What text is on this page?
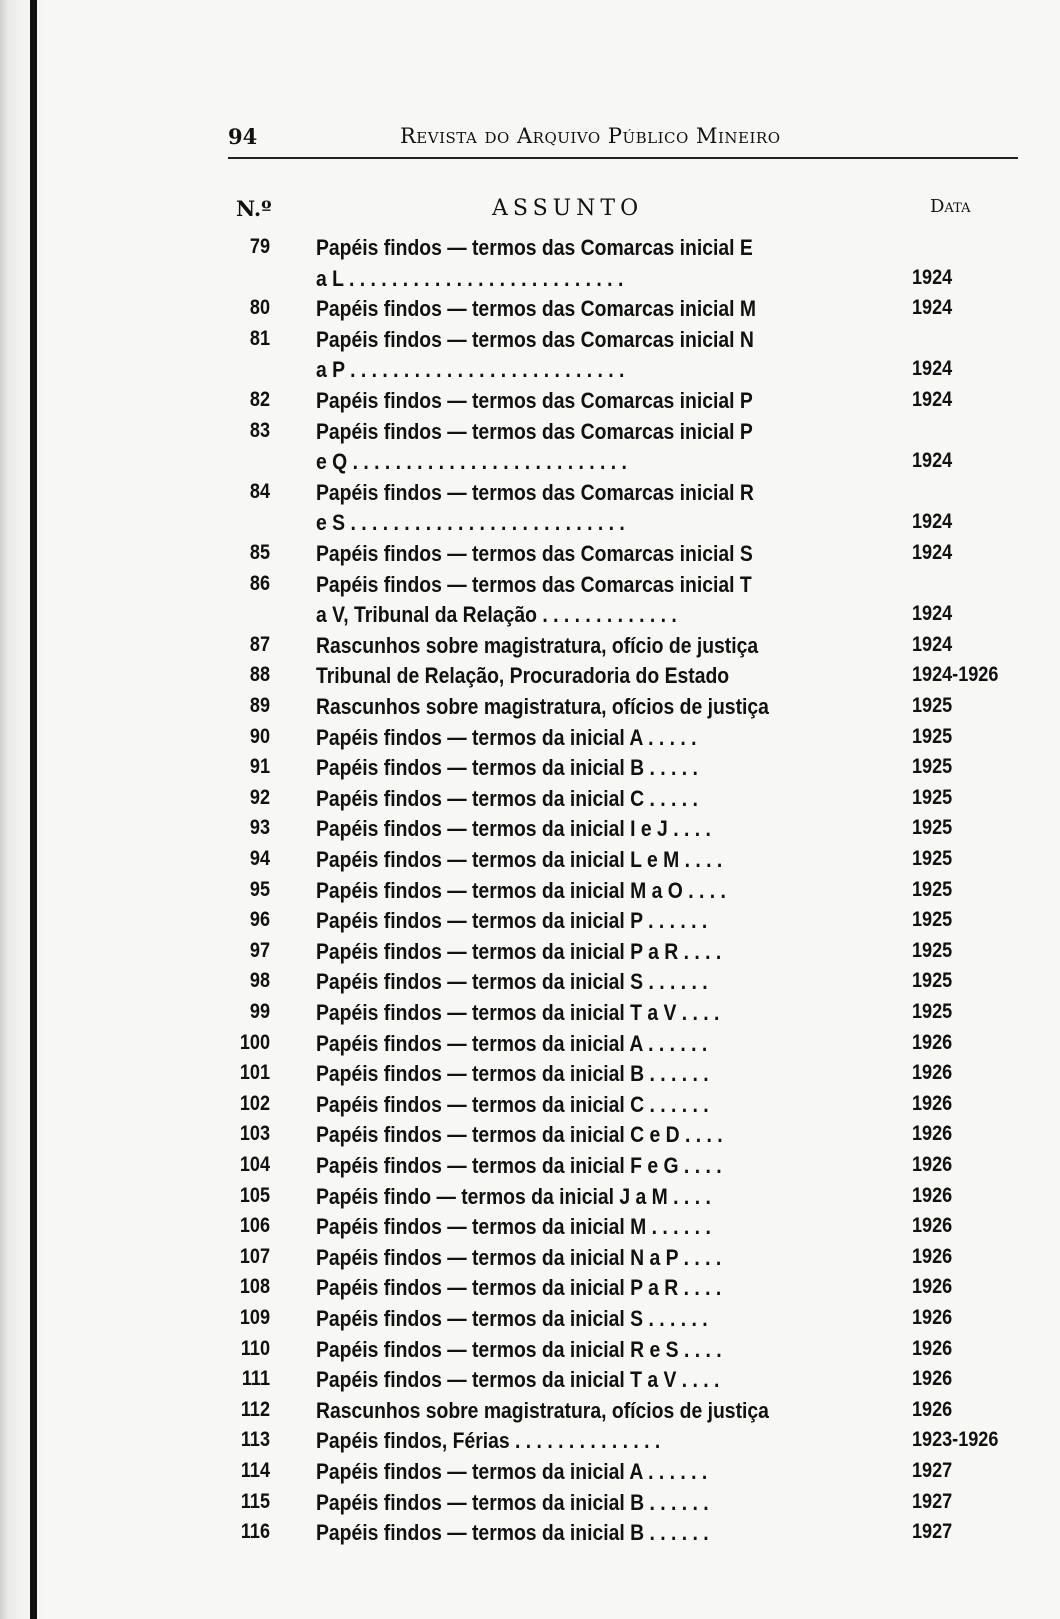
94	Revista do Arquivo Público Mineiro
N.º	ASSUNTO	Data
79 Papéis findos — termos das Comarcas inicial E
a L . . . . . . . . . . . . . . . . . . . . . . . . . .	1924
80 Papéis findos — termos das Comarcas inicial M	1924
81 Papéis findos — termos das Comarcas inicial N
a P . . . . . . . . . . . . . . . . . . . . . . . . . .	1924
82 Papéis findos — termos das Comarcas inicial P	1924
83 Papéis findos — termos das Comarcas inicial P
e Q . . . . . . . . . . . . . . . . . . . . . . . . . .	1924
84 Papéis findos — termos das Comarcas inicial R
e S . . . . . . . . . . . . . . . . . . . . . . . . . .	1924
85 Papéis findos — termos das Comarcas inicial S	1924
86 Papéis findos — termos das Comarcas inicial T
a V, Tribunal da Relação . . . . . . . . . . . . .	1924
87 Rascunhos sobre magistratura, ofício de justiça	1924
88 Tribunal de Relação, Procuradoria do Estado	1924-1926
89 Rascunhos sobre magistratura, ofícios de justiça	1925
90 Papéis findos — termos da inicial A . . . . .	1925
91 Papéis findos — termos da inicial B . . . . .	1925
92 Papéis findos — termos da inicial C . . . . .	1925
93 Papéis findos — termos da inicial I e J . . . .	1925
94 Papéis findos — termos da inicial L e M . . . .	1925
95 Papéis findos — termos da inicial M a O . . . .	1925
96 Papéis findos — termos da inicial P . . . . . .	1925
97 Papéis findos — termos da inicial P a R . . . .	1925
98 Papéis findos — termos da inicial S . . . . . .	1925
99 Papéis findos — termos da inicial T a V . . . .	1925
100 Papéis findos — termos da inicial A . . . . . .	1926
101 Papéis findos — termos da inicial B . . . . . .	1926
102 Papéis findos — termos da inicial C . . . . . .	1926
103 Papéis findos — termos da inicial C e D . . . .	1926
104 Papéis findos — termos da inicial F e G . . . .	1926
105 Papéis findo — termos da inicial J a M . . . .	1926
106 Papéis findos — termos da inicial M . . . . . .	1926
107 Papéis findos — termos da inicial N a P . . . .	1926
108 Papéis findos — termos da inicial P a R . . . .	1926
109 Papéis findos — termos da inicial S . . . . . .	1926
110 Papéis findos — termos da inicial R e S . . . .	1926
111 Papéis findos — termos da inicial T a V . . . .	1926
112 Rascunhos sobre magistratura, ofícios de justiça	1926
113 Papéis findos, Férias . . . . . . . . . . . . . .	1923-1926
114 Papéis findos — termos da inicial A . . . . . .	1927
115 Papéis findos — termos da inicial B . . . . . .	1927
116 Papéis findos — termos da inicial B . . . . . .	1927
